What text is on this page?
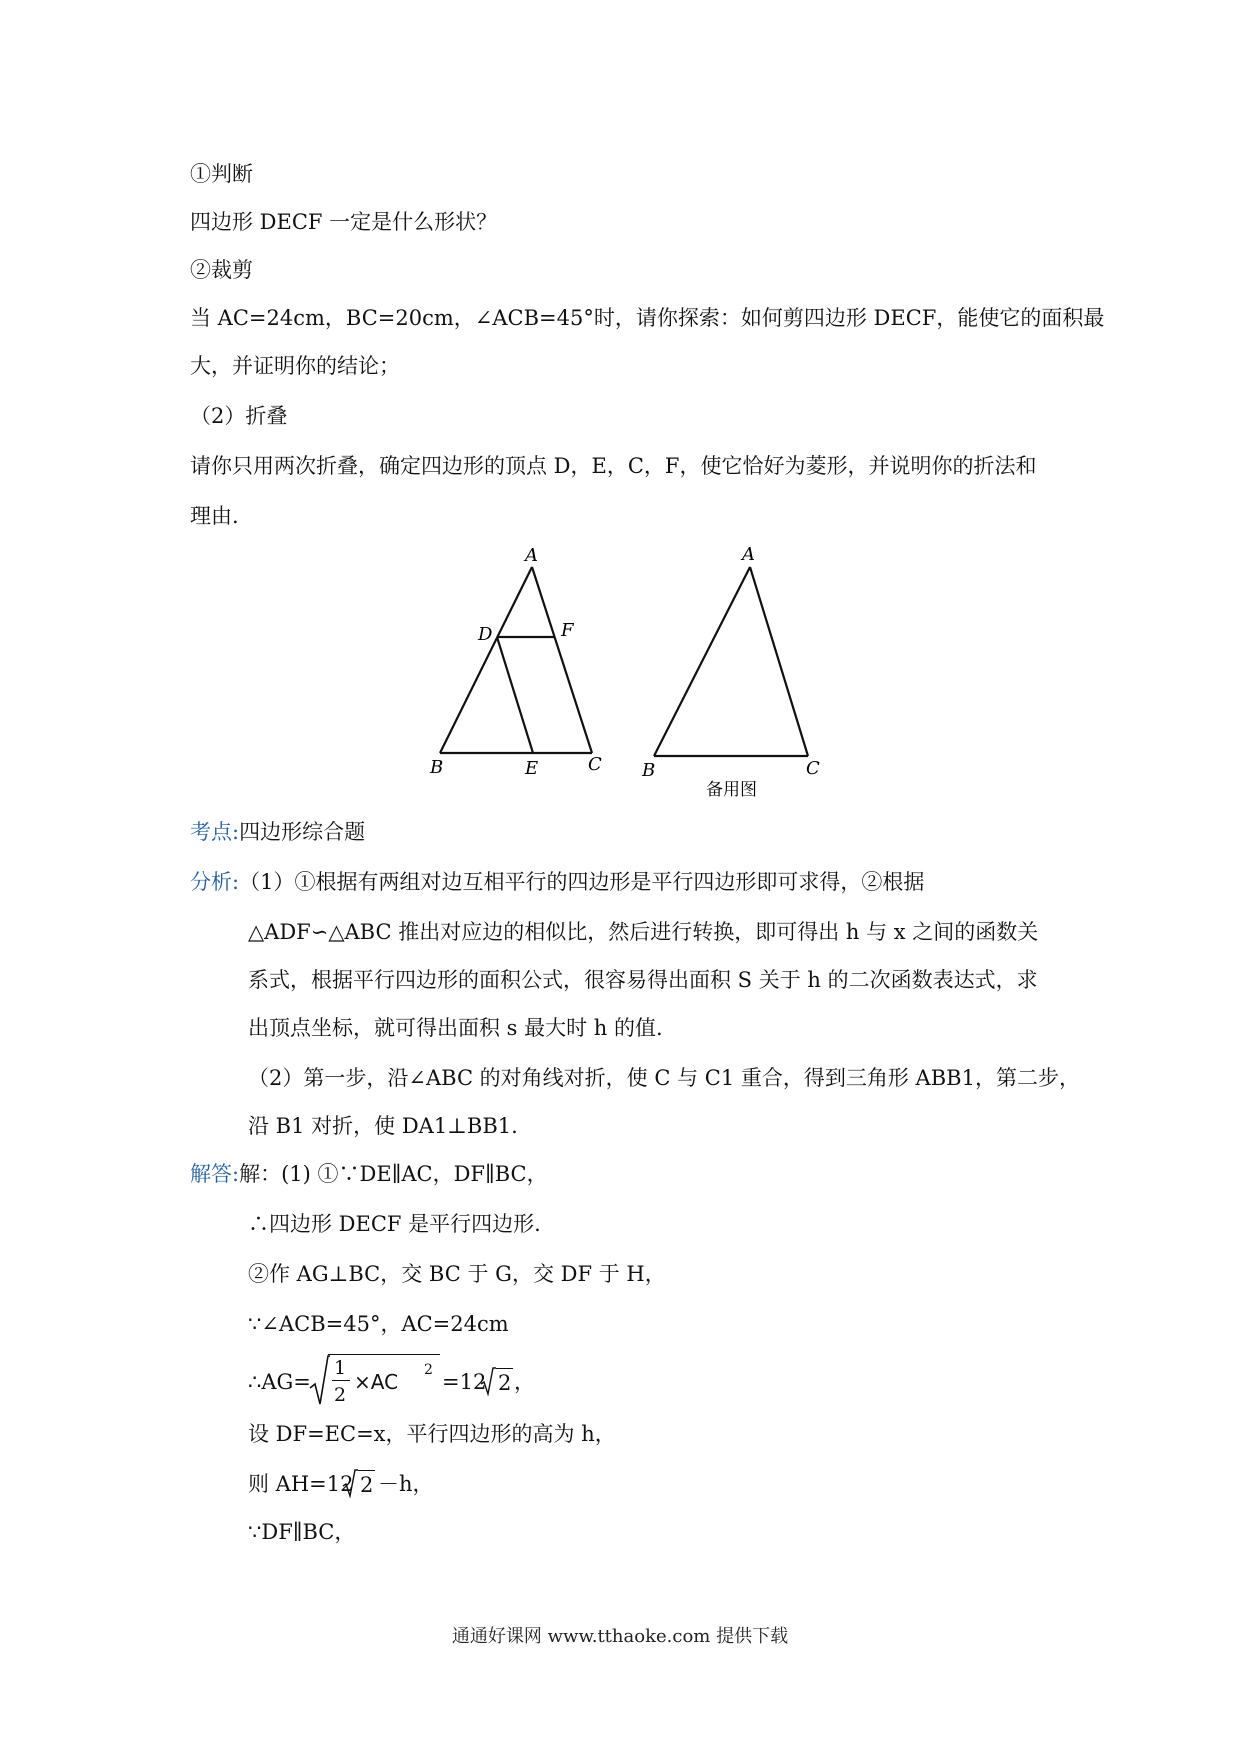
①判断
四边形 DECF 一定是什么形状？
②裁剪
当 AC=24cm，BC=20cm，∠ACB=45°时，请你探索：如何剪四边形 DECF，能使它的面积最
大，并证明你的结论；
（2）折叠
请你只用两次折叠，确定四边形的顶点 D，E，C，F，使它恰好为菱形，并说明你的折法和
理由.
A
D	F
B	E	C
A
B	C
备用图
考点:四边形综合题
分析:（1）①根据有两组对边互相平行的四边形是平行四边形即可求得，②根据
△ADF∽△ABC 推出对应边的相似比，然后进行转换，即可得出 h 与 x 之间的函数关
系式，根据平行四边形的面积公式，很容易得出面积 S 关于 h 的二次函数表达式，求
出顶点坐标，就可得出面积 s 最大时 h 的值.
（2）第一步，沿∠ABC 的对角线对折，使 C 与 C1 重合，得到三角形 ABB1，第二步，
沿 B1 对折，使 DA1⊥BB1.
解答:解：(1) ①∵DE∥AC，DF∥BC，
∴四边形 DECF 是平行四边形.
②作 AG⊥BC，交 BC 于 G，交 DF 于 H，
∵∠ACB=45°，AC=24cm
∴AG=
1
2
×AC 2 =12 2 ，
设 DF=EC=x，平行四边形的高为 h，
则 AH=12 2 －h，
∵DF∥BC，
通通好课网 www.tthaoke.com 提供下载
